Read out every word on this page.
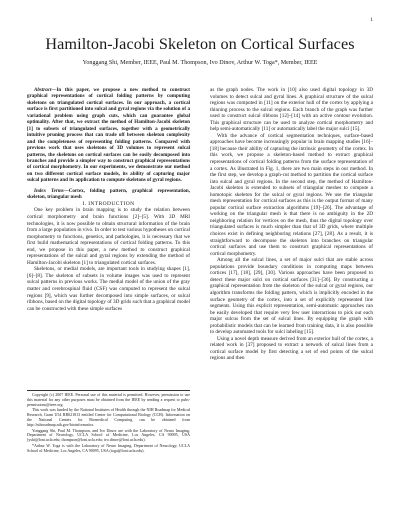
1
Hamilton-Jacobi Skeleton on Cortical Surfaces
Yonggang Shi, Member, IEEE, Paul M. Thompson, Ivo Dinov, Arthur W. Toga*, Member, IEEE

Abstract—In this paper, we propose a new method to construct graphical representations of cortical folding patterns by computing skeletons on triangulated cortical surfaces. In our approach, a cortical surface is first partitioned into sulcal and gyral regions via the solution of a variational problem using graph cuts, which can guarantee global optimality. After that, we extract the method of Hamilton-Jacobi skeleton [1] to subsets of triangulated surfaces, together with a geometrically intuitive pruning process that can trade off between skeleton complexity and the completeness of representing folding patterns. Compared with previous work that uses skeletons of 3D volumes to represent sulcal patterns, the skeletons on cortical surfaces can be easily decomposed into branches and provide a simpler way to construct graphical representations of cortical morphometry. In our experiments, we demonstrate our method on two different cortical surface models, its ability of capturing major sulcal patterns and its application to compute skeletons of gyral regions.

Index Terms—Cortex, folding pattern, graphical representation, skeleton, triangular mesh

I. INTRODUCTION

One key problem in brain mapping is to study the relation between cortical morphometry and brain functions [2]–[5]. With 3D MRI technologies, it is now possible to obtain structural information of the brain from a large population in vivo. In order to test various hypotheses on cortical morphometry to functions, genetics, and pathologies, it is necessary that we first build mathematical representations of cortical folding patterns. To this end, we propose in this paper, a new method to construct graphical representations of the sulcal and gyral regions by extending the method of Hamilton-Jacobi skeleton [1] to triangulated cortical surfaces.

Skeletons, or medial models, are important tools in studying shapes [1], [6]–[8]. The skeleton of subsets in volume images was used to represent sulcal patterns in previous works. The medial model of the union of the gray matter and cerebrospinal fluid (CSF) was computed to represent the sulcal regions [9], which was further decomposed into simple surfaces, or sulcal ribbons, based on the digital topology of 3D grids such that a graphical model can be constructed with these simple surfaces

Copyright (c) 2007 IEEE. Personal use of this material is permitted. However, permission to use this material for any other purposes must be obtained from the IEEE by sending a request to pubs-permissions@ieee.org.

This work was funded by the National Institutes of Health through the NIH Roadmap for Medical Research, Grant U54 RR021813 entitled Center for Computational Biology (CCB). Information on the National Centers for Biomedical Computing can be obtained from http://nihroadmap.nih.gov/bioinformatics.

Yonggang Shi, Paul M. Thompson, and Ivo Dinov are with the Laboratory of Neuro Imaging, Department of Neurology, UCLA School of Medicine, Los Angeles, CA 90095, USA (yshi@loni.ucla.edu; thompson@loni.ucla.edu; ivo.dinov@loni.ucla.edu).

*Arthur W. Toga is with the Laboratory of Neuro Imaging, Department of Neurology, UCLA School of Medicine, Los Angeles, CA 90095, USA (toga@loni.ucla.edu).

as the graph nodes. The work in [10] also used digital topology in 3D volumes to detect sulcal and gyral lines. A graphical structure of the sulcal regions was computed in [11] on the exterior hull of the cortex by applying a thinning process to the sulcal regions. Each branch of the graph was further used to construct sulcal ribbons [12]–[14] with an active contour evolution. This graphical structure can be used to analyze cortical morphometry and help semi-automatically [11] or automatically label the major sulci [15].

With the advance of cortical segmentation techniques, surface-based approaches have become increasingly popular in brain mapping studies [16]–[18] because their ability of capturing the intrinsic geometry of the cortex. In this work, we propose a skeleton-based method to extract graphical representations of cortical folding patterns from the surface representation of a cortex. As illustrated in Fig. 1, there are two main steps in our method. In the first step, we develop a graph-cut method to partition the cortical surface into sulcal and gyral regions. In the second step, the method of Hamilton-Jacobi skeleton is extended to subsets of triangular meshes to compute a homotopic skeleton for the sulcal or gyral regions. We use the triangular mesh representation for cortical surfaces as this is the output format of many popular cortical surface extraction algorithms [19]–[26]. The advantage of working on the triangular mesh is that there is no ambiguity in the 2D neighboring relation for vertices on the mesh, thus the digital topology over triangulated surfaces is much simpler than that of 3D grids, where multiple choices exist in defining neighboring relations [27], [28]. As a result, it is straightforward to decompose the skeleton into branches on triangular cortical surfaces and use them to construct graphical representations of cortical morphometry.

Among all the sulcal lines, a set of major sulci that are stable across populations provide boundary conditions in computing maps between cortices [17], [18], [29], [30]. Various approaches have been proposed to detect these major sulci on cortical surfaces [31]–[36]. By constructing a graphical representation from the skeleton of the sulcal or gyral regions, our algorithm transforms the folding pattern, which is implicitly encoded in the surface geometry of the cortex, into a set of explicitly represented line segments. Using this explicit representation, semi-automatic approaches can be easily developed that require very few user interactions to pick out each major sulcus from the set of sulcal lines. By equipping the graph with probabilistic models that can be learned from training data, it is also possible to develop automated tools for sulci labeling [15].

Using a novel depth measure derived from an exterior hull of the cortex, a related work in [37] proposed to extract a network of sulcal lines from a cortical surface model by first detecting a set of end points of the sulcal regions and then
